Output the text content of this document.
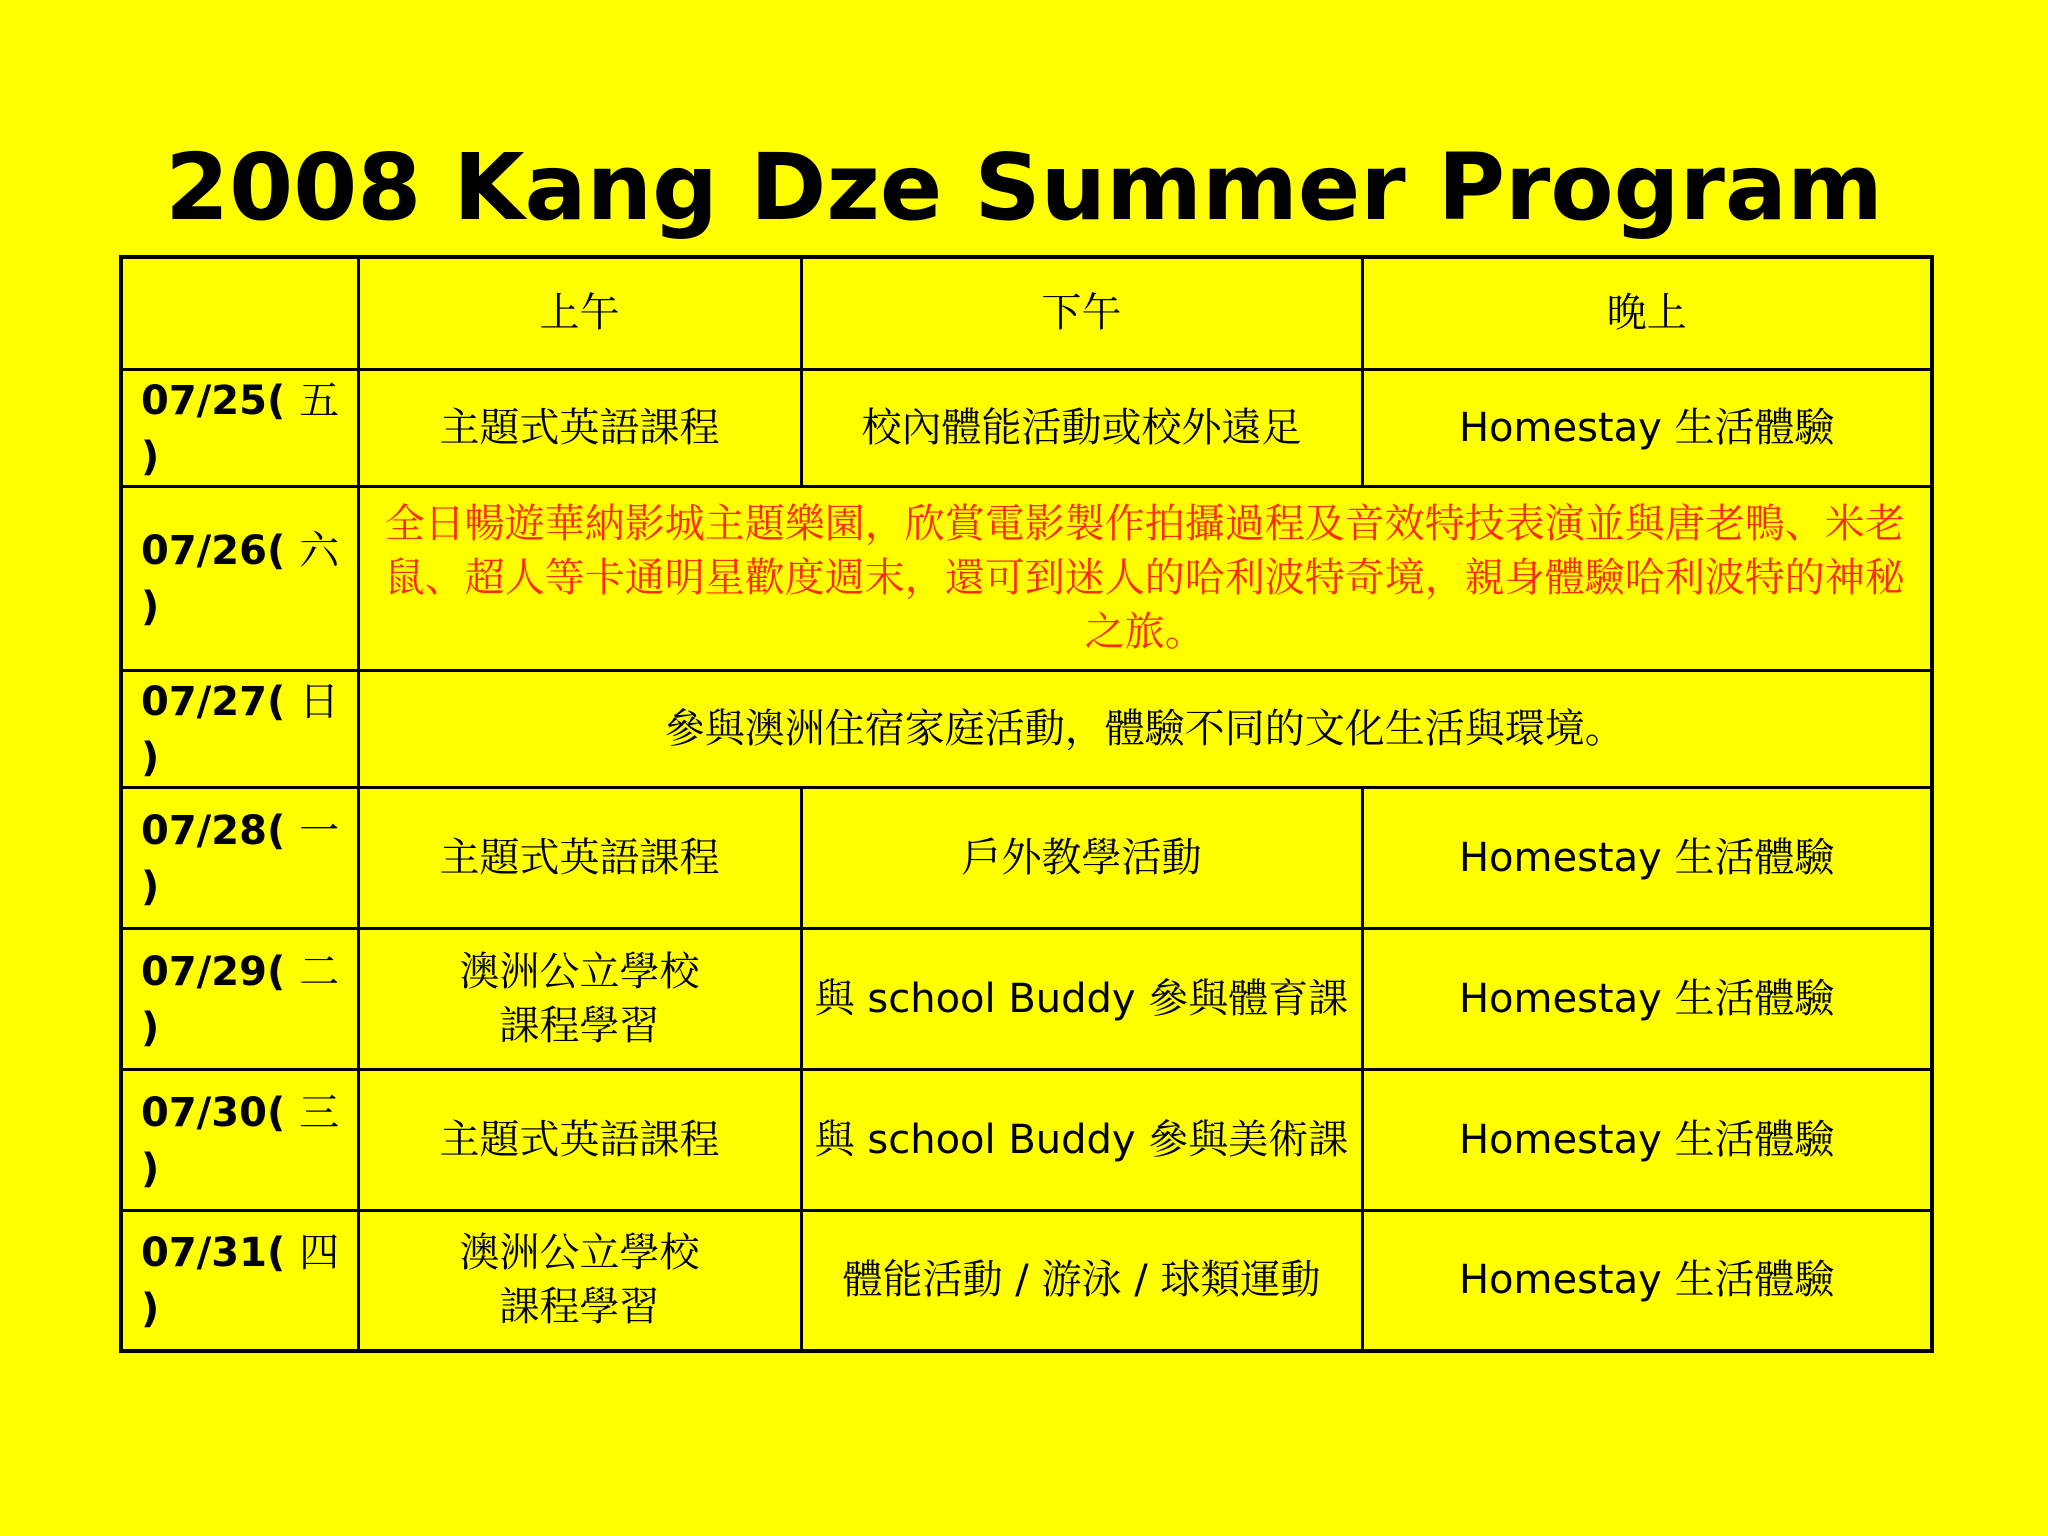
2008 Kang Dze Summer Program
	上午	下午	晚上
07/25( 五
)	主題式英語課程	校內體能活動或校外遠足	Homestay 生活體驗
07/26( 六
)	全日暢遊華納影城主題樂園，欣賞電影製作拍攝過程及音效特技表演並與唐老鴨、米老鼠、超人等卡通明星歡度週末，還可到迷人的哈利波特奇境，親身體驗哈利波特的神秘之旅。		
07/27( 日
)	參與澳洲住宿家庭活動，體驗不同的文化生活與環境。		
07/28( 一
)	主題式英語課程	戶外教學活動	Homestay 生活體驗
07/29( 二
)	澳洲公立學校
課程學習	與 school Buddy 參與體育課	Homestay 生活體驗
07/30( 三
)	主題式英語課程	與 school Buddy 參與美術課	Homestay 生活體驗
07/31( 四
)	澳洲公立學校
課程學習	體能活動 / 游泳 / 球類運動	Homestay 生活體驗
